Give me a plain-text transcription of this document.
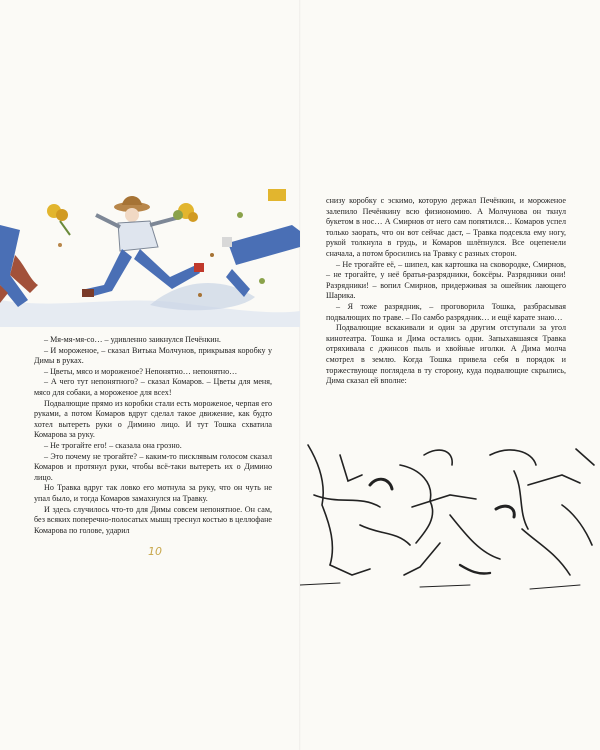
– Мя-мя-мя-со… – удивленно заикнулся Печёнкин.

– И мороженое, – сказал Витька Молчунов, прикрывая коробку у Димы в руках.

– Цветы, мясо и мороженое? Непонятно… непонятно…

– А чего тут непонятного? – сказал Комаров. – Цветы для меня, мясо для собаки, а мороженое для всех!

Подвалющие прямо из коробки стали есть мороженое, черпая его руками, а потом Комаров вдруг сделал такое движение, как будто хотел вытереть руки о Димино лицо. И тут Тошка схватила Комарова за руку.

– Не трогайте его! – сказала она грозно.

– Это почему не трогайте? – каким-то писклявым голосом сказал Комаров и протянул руки, чтобы всё-таки вытереть их о Димино лицо.

Но Травка вдруг так ловко его мотнула за руку, что он чуть не упал было, и тогда Комаров замахнулся на Травку.

И здесь случилось что-то для Димы совсем непонятное. Он сам, без всяких поперечно-полосатых мышц треснул костью в целлофане Комарова по голове, ударил

10

снизу коробку с эскимо, которую держал Печёнкин, и мороженое залепило Печёнкину всю физиономию. А Молчунова он ткнул букетом в нос… А Смирнов от него сам попятился… Комаров успел только заорать, что он вот сейчас даст, – Травка подсекла ему ногу, рукой толкнула в грудь, и Комаров шлёпнулся. Все оцепенели сначала, а потом бросились на Травку с разных сторон.

– Не трогайте её, – шипел, как картошка на сковородке, Смирнов, – не трогайте, у неё братья-разрядники, боксёры. Разрядники они! Разрядники! – вопил Смирнов, придерживая за ошейник лающего Шарика.

– Я тоже разрядник, – проговорила Тошка, разбрасывая подвалющих по траве. – По самбо разрядник… и ещё карате знаю…

Подвалющие вскакивали и один за другим отступали за угол кинотеатра. Тошка и Дима остались одни. Запыхавшаяся Травка отряхивала с джинсов пыль и хвойные иголки. А Дима молча смотрел в землю. Когда Тошка привела себя в порядок и торжествующе поглядела в ту сторону, куда подвалющие скрылись, Дима сказал ей вполне:
